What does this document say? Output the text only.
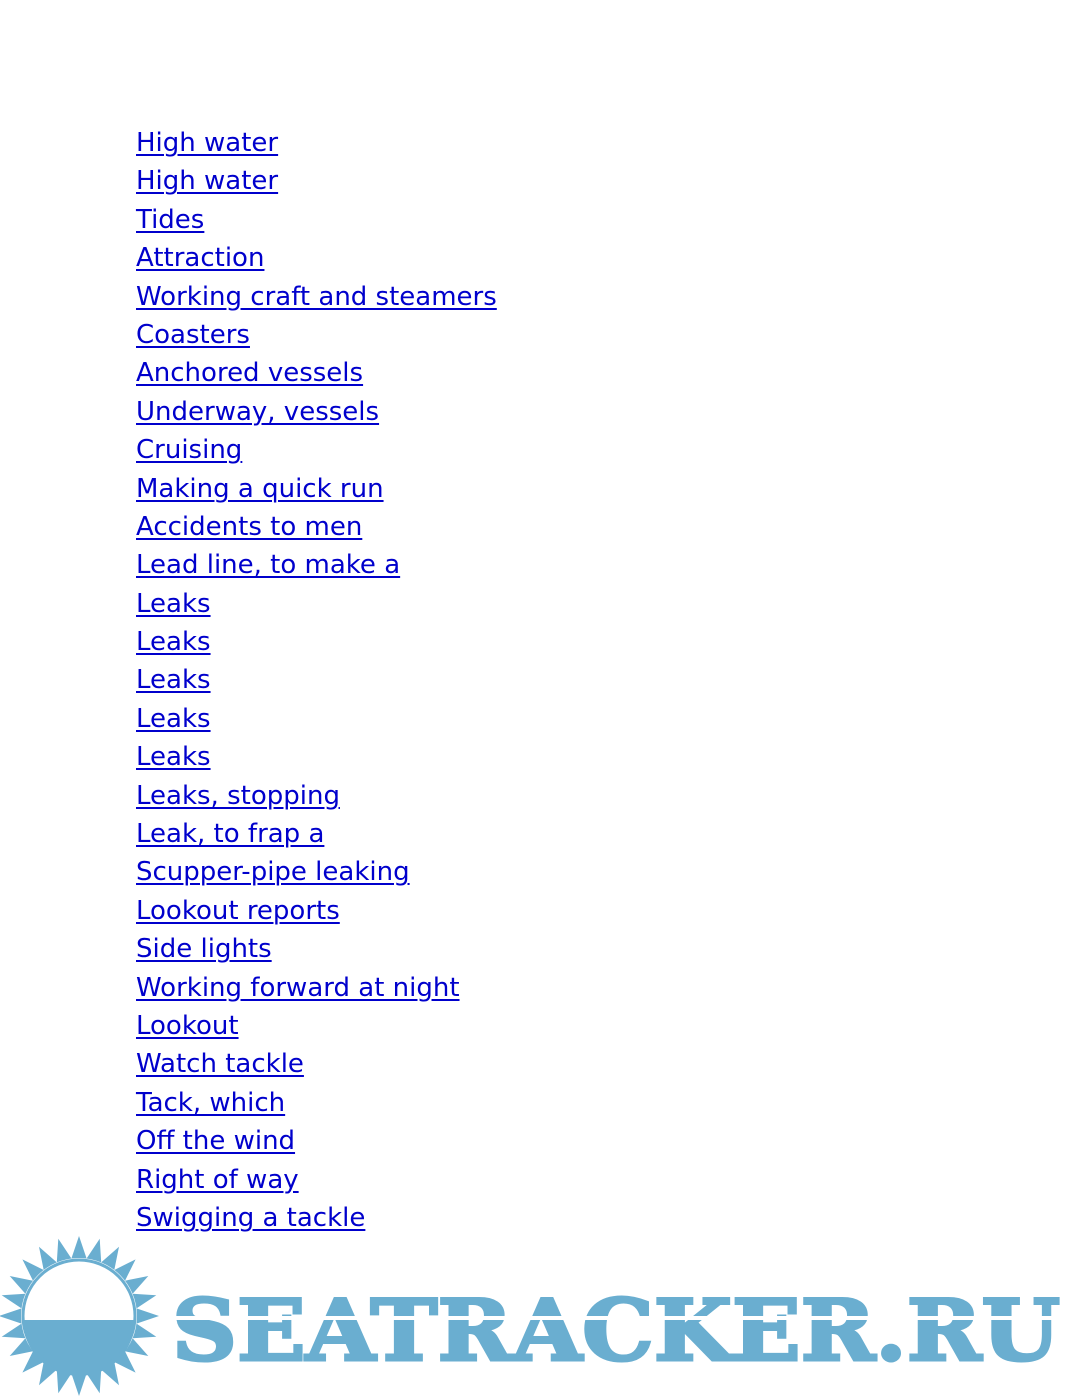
High water
High water
Tides
Attraction
Working craft and steamers
Coasters
Anchored vessels
Underway, vessels
Cruising
Making a quick run
Accidents to men
Lead line, to make a
Leaks
Leaks
Leaks
Leaks
Leaks
Leaks, stopping
Leak, to frap a
Scupper-pipe leaking
Lookout reports
Side lights
Working forward at night
Lookout
Watch tackle
Tack, which
Off the wind
Right of way
Swigging a tackle
SEATRACKER.RU
